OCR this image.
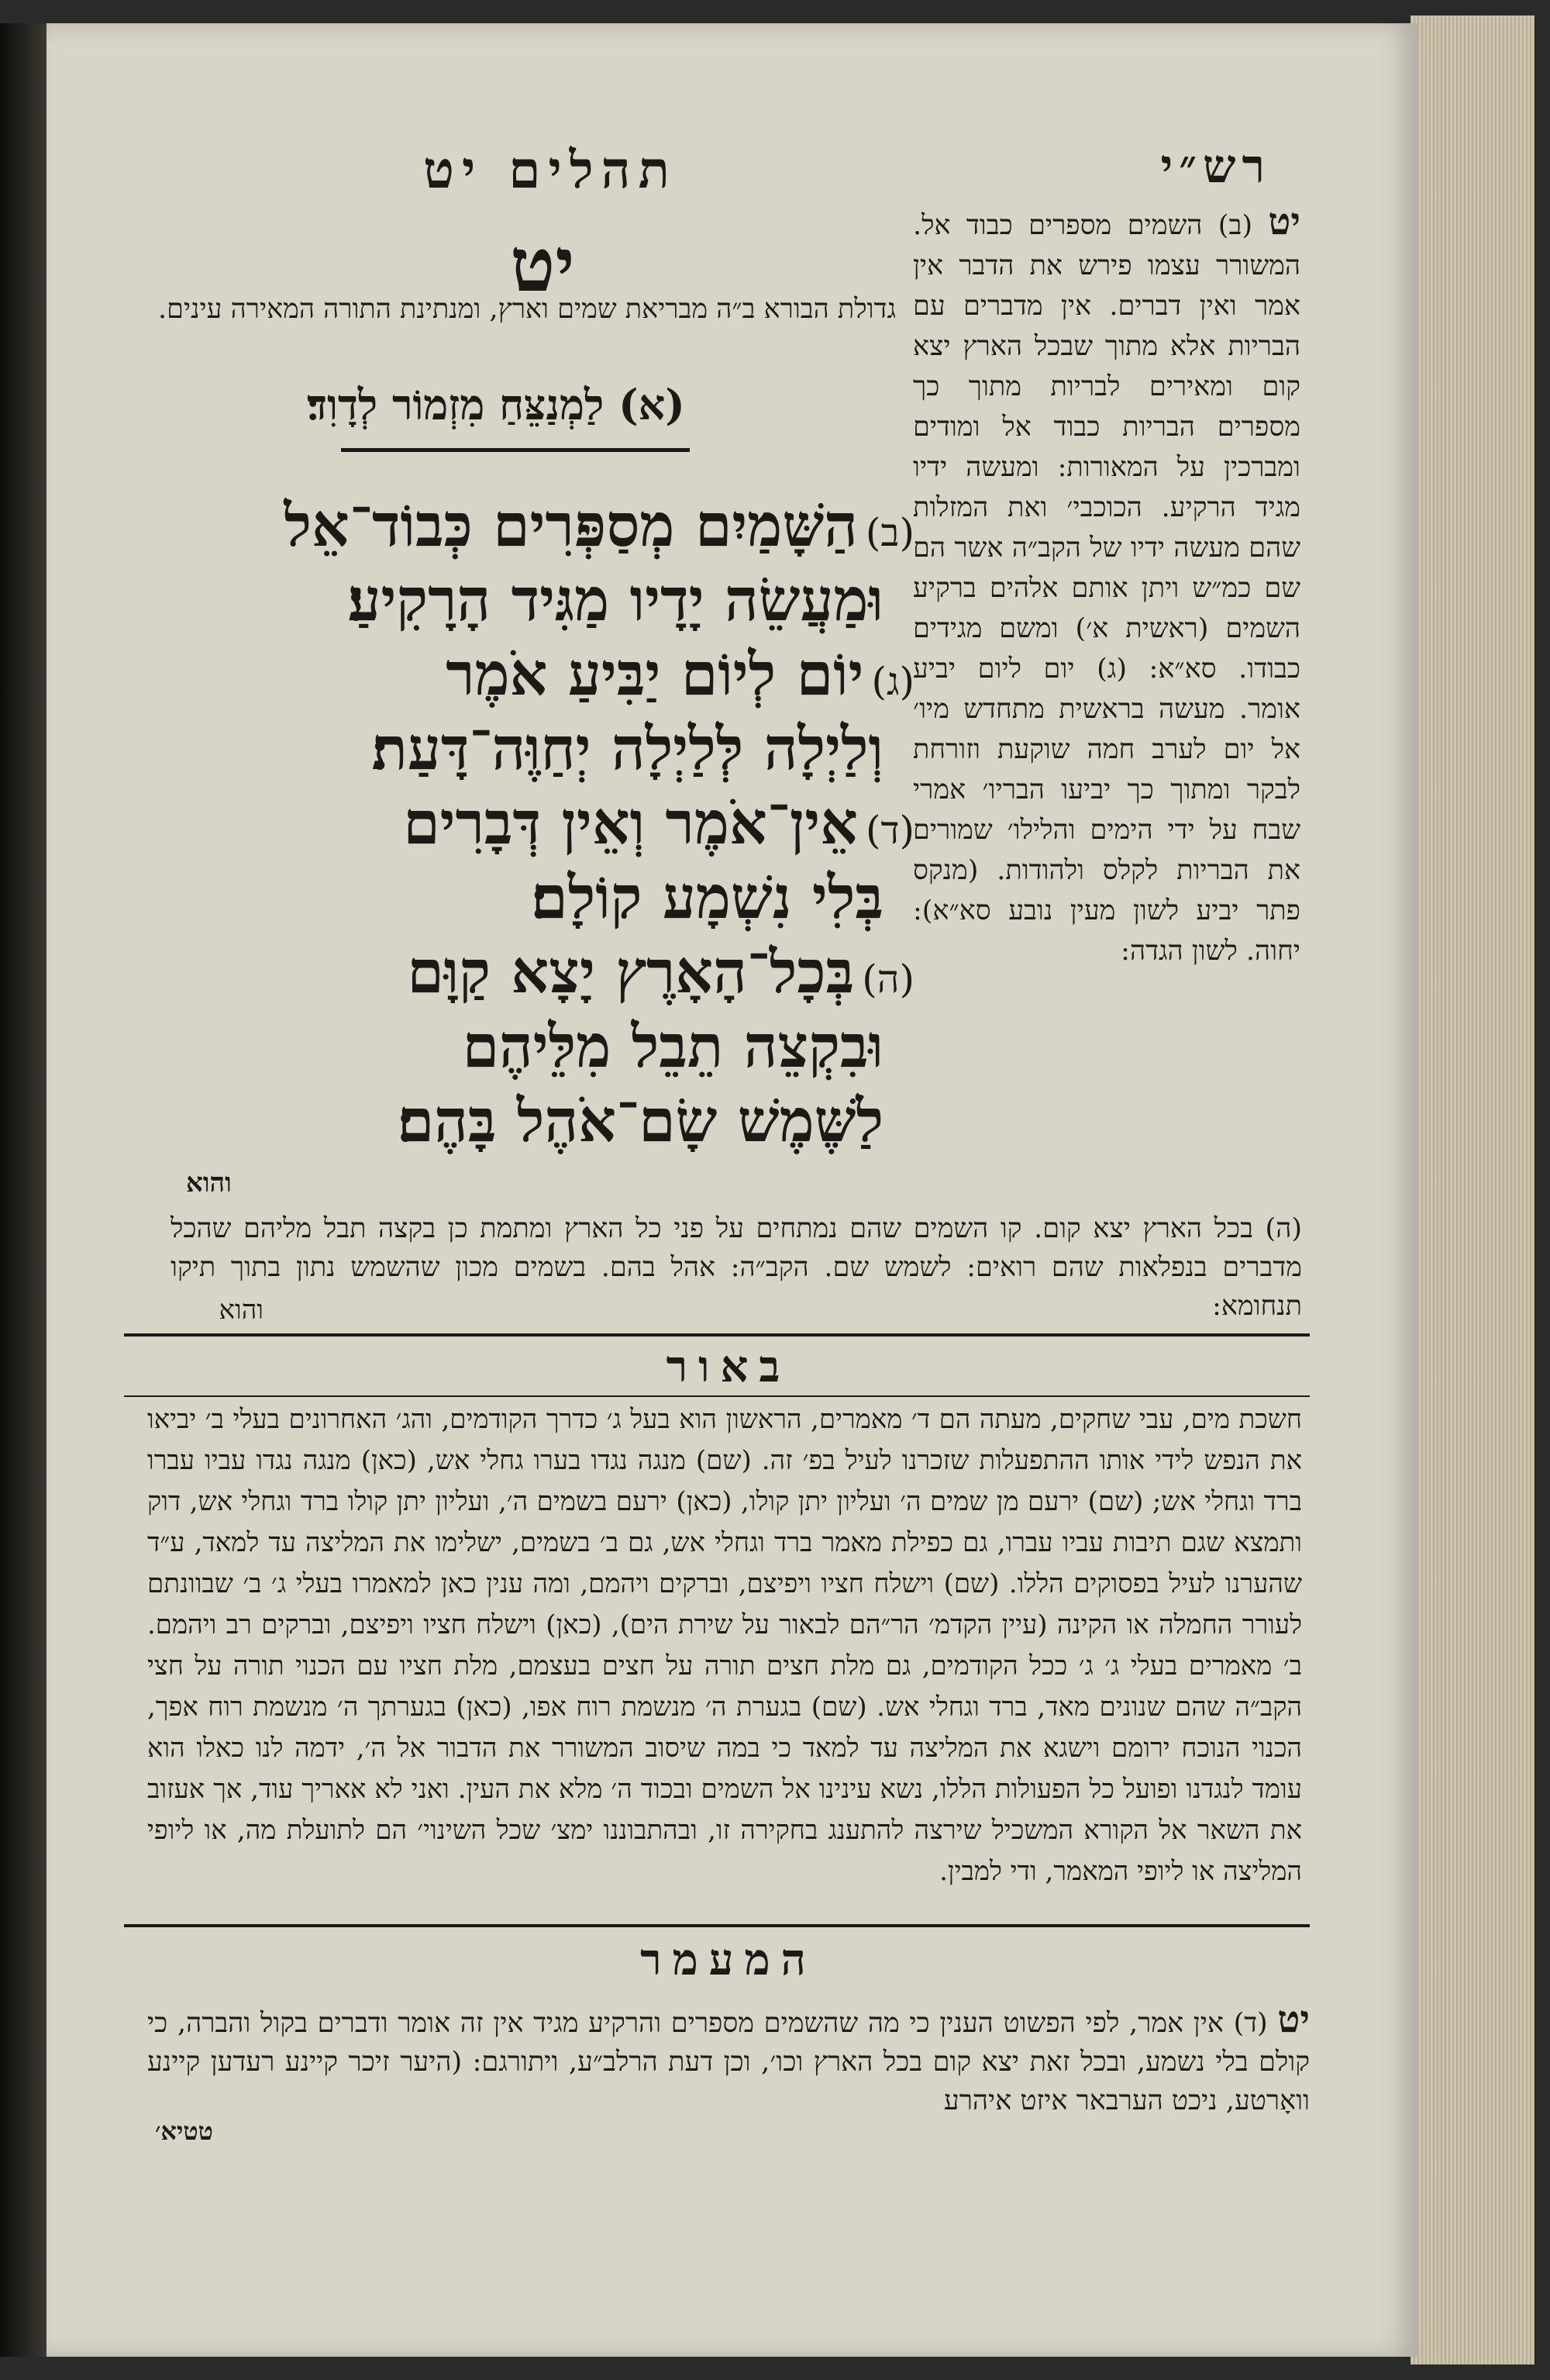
רש״י
תהלים יט
יט
גדולת הבורא ב״ה מבריאת שמים וארץ, ומנתינת התורה המאירה עינים.
(א) לַמְנַצֵּחַ מִזְמוֹר לְדָוִד׃
(ב)הַשָּׁמַיִם מְסַפְּרִים כְּבוֹד־אֵל
וּמַעֲשֵׂה יָדָיו מַגִּיד הָרָקִיעַ׃
(ג)יוֹם לְיוֹם יַבִּיעַ אֹמֶר
וְלַיְלָה לְּלַיְלָה יְחַוֶּה־דָּעַת׃
(ד)אֵין־אֹמֶר וְאֵין דְּבָרִים
בְּלִי נִשְׁמָע קוֹלָם׃
(ה)בְּכָל־הָאָרֶץ יָצָא קַוָּם
וּבִקְצֵה תֵבֵל מִלֵּיהֶם
לַשֶּׁמֶשׁ שָׂם־אֹהֶל בָּהֶם׃
והוא
יט (ב) השמים מספרים כבוד אל. המשורר עצמו פירש את הדבר אין אמר ואין דברים. אין מדברים עם הבריות אלא מתוך שבכל הארץ יצא קום ומאירים לבריות מתוך כך מספרים הבריות כבוד אל ומודים ומברכין על המאורות: ומעשה ידיו מגיד הרקיע. הכוכבי׳ ואת המזלות שהם מעשה ידיו של הקב״ה אשר הם שם כמ״ש ויתן אותם אלהים ברקיע השמים (ראשית א׳) ומשם מגידים כבודו. סא״א: (ג) יום ליום יביע אומר. מעשה בראשית מתחדש מיו׳ אל יום לערב חמה שוקעת וזורחת לבקר ומתוך כך יביעו הבריו׳ אמרי שבח על ידי הימים והלילו׳ שמורים את הבריות לקלס ולהודות. (מנקס פתר יביע לשון מעין נובע סא״א): יחוה. לשון הגדה:
(ה) בכל הארץ יצא קום. קו השמים שהם נמתחים על פני כל הארץ ומתמת כן בקצה תבל מליהם שהכל מדברים בנפלאות שהם רואים: לשמש שם. הקב״ה: אהל בהם. בשמים מכון שהשמש נתון בתוך תיקו תנחומא:
והוא
באור
חשכת מים, עבי שחקים, מעתה הם ד׳ מאמרים, הראשון הוא בעל ג׳ כדרך הקודמים, והג׳ האחרונים בעלי ב׳ יביאו את הנפש לידי אותו ההתפעלות שזכרנו לעיל בפ׳ זה. (שם) מנגה נגדו בערו גחלי אש, (כאן) מנגה נגדו עביו עברו ברד וגחלי אש; (שם) ירעם מן שמים ה׳ ועליון יתן קולו, (כאן) ירעם בשמים ה׳, ועליון יתן קולו ברד וגחלי אש, דוק ותמצא שגם תיבות עביו עברו, גם כפילת מאמר ברד וגחלי אש, גם ב׳ בשמים, ישלימו את המליצה עד למאד, ע״ד שהערנו לעיל בפסוקים הללו. (שם) וישלח חציו ויפיצם, וברקים ויהמם, ומה ענין כאן למאמרו בעלי ג׳ ב׳ שבוונתם לעורר החמלה או הקינה (עיין הקדמ׳ הר״הם לבאור על שירת הים), (כאן) וישלח חציו ויפיצם, וברקים רב ויהמם. ב׳ מאמרים בעלי ג׳ ג׳ ככל הקודמים, גם מלת חצים תורה על חצים בעצמם, מלת חציו עם הכנוי תורה על חצי הקב״ה שהם שנונים מאד, ברד וגחלי אש. (שם) בגערת ה׳ מנשמת רוח אפו, (כאן) בגערתך ה׳ מנשמת רוח אפך, הכנוי הנוכח ירומם וישגא את המליצה עד למאד כי במה שיסוב המשורר את הדבור אל ה׳, ידמה לנו כאלו הוא עומד לנגדנו ופועל כל הפעולות הללו, נשא עינינו אל השמים ובכוד ה׳ מלא את העין. ואני לא אאריך עוד, אך אעזוב את השאר אל הקורא המשכיל שירצה להתענג בחקירה זו, ובהתבוננו ימצ׳ שכל השינוי׳ הם לתועלת מה, או ליופי המליצה או ליופי המאמר, ודי למבין.
המעמר
יט (ד) אין אמר, לפי הפשוט הענין כי מה שהשמים מספרים והרקיע מגיד אין זה אומר ודברים בקול והברה, כי קולם בלי נשמע, ובכל זאת יצא קום בכל הארץ וכו׳, וכן דעת הרלב״ע, ויתורגם: (היער זיכר קיינע רעדען קיינע וואָרטע, ניכט הערבאר איזט איהרע
טטיא׳
